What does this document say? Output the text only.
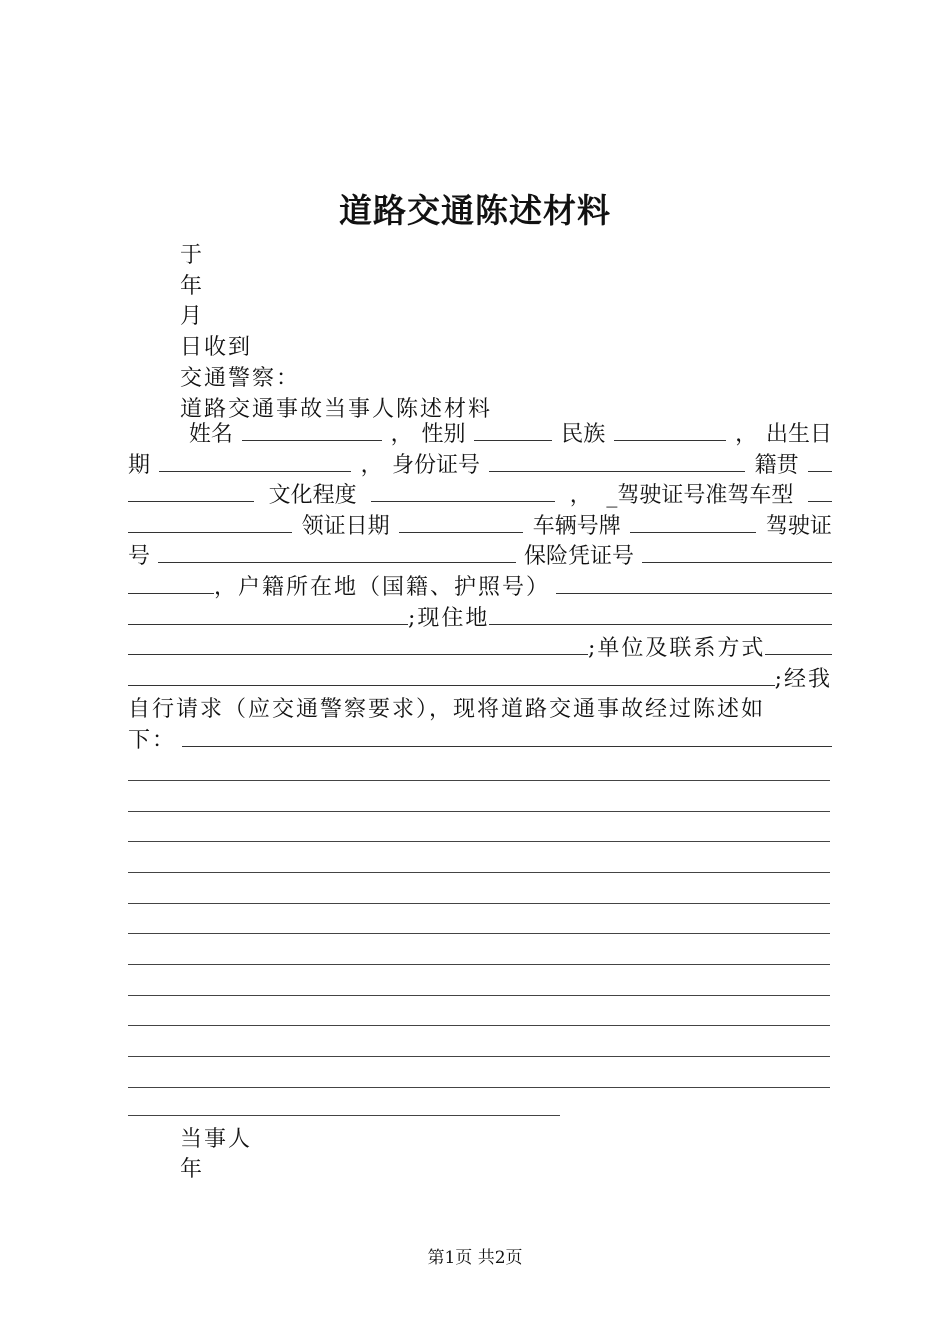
道路交通陈述材料
于
年
月
日收到
交通警察：
道路交通事故当事人陈述材料
姓名	， 性别	民族	， 出生日
期	， 身份证号	籍贯
文化程度	， _驾驶证号准驾车型
领证日期	车辆号牌	驾驶证
号	保险凭证号
，户籍所在地（国籍、护照号）
;现住地
;单位及联系方式
;经我
自行请求（应交通警察要求），现将道路交通事故经过陈述如
下：
当事人
年
第1页 共2页
